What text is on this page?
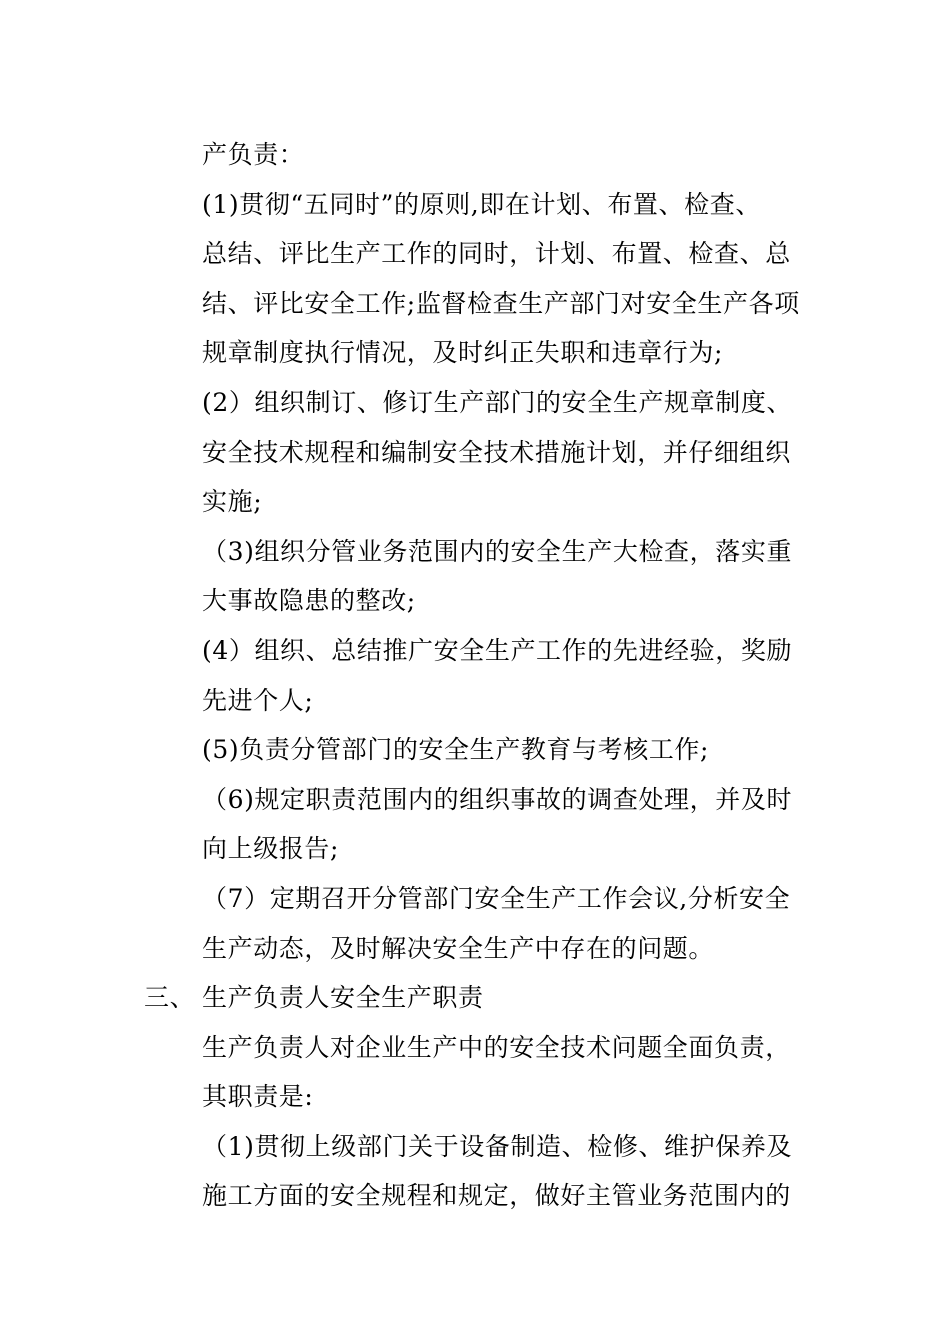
产负责：
(1)贯彻“五同时”的原则,即在计划、布置、检查、
总结、评比生产工作的同时，计划、布置、检查、总
结、评比安全工作;监督检查生产部门对安全生产各项
规章制度执行情况，及时纠正失职和违章行为;
(2）组织制订、修订生产部门的安全生产规章制度、
安全技术规程和编制安全技术措施计划，并仔细组织
实施;
（3)组织分管业务范围内的安全生产大检查，落实重
大事故隐患的整改;
(4）组织、总结推广安全生产工作的先进经验，奖励
先进个人;
(5)负责分管部门的安全生产教育与考核工作;
（6)规定职责范围内的组织事故的调查处理，并及时
向上级报告;
（7）定期召开分管部门安全生产工作会议,分析安全
生产动态，及时解决安全生产中存在的问题。
三、 生产负责人安全生产职责
生产负责人对企业生产中的安全技术问题全面负责，
其职责是:
（1)贯彻上级部门关于设备制造、检修、维护保养及
施工方面的安全规程和规定，做好主管业务范围内的
